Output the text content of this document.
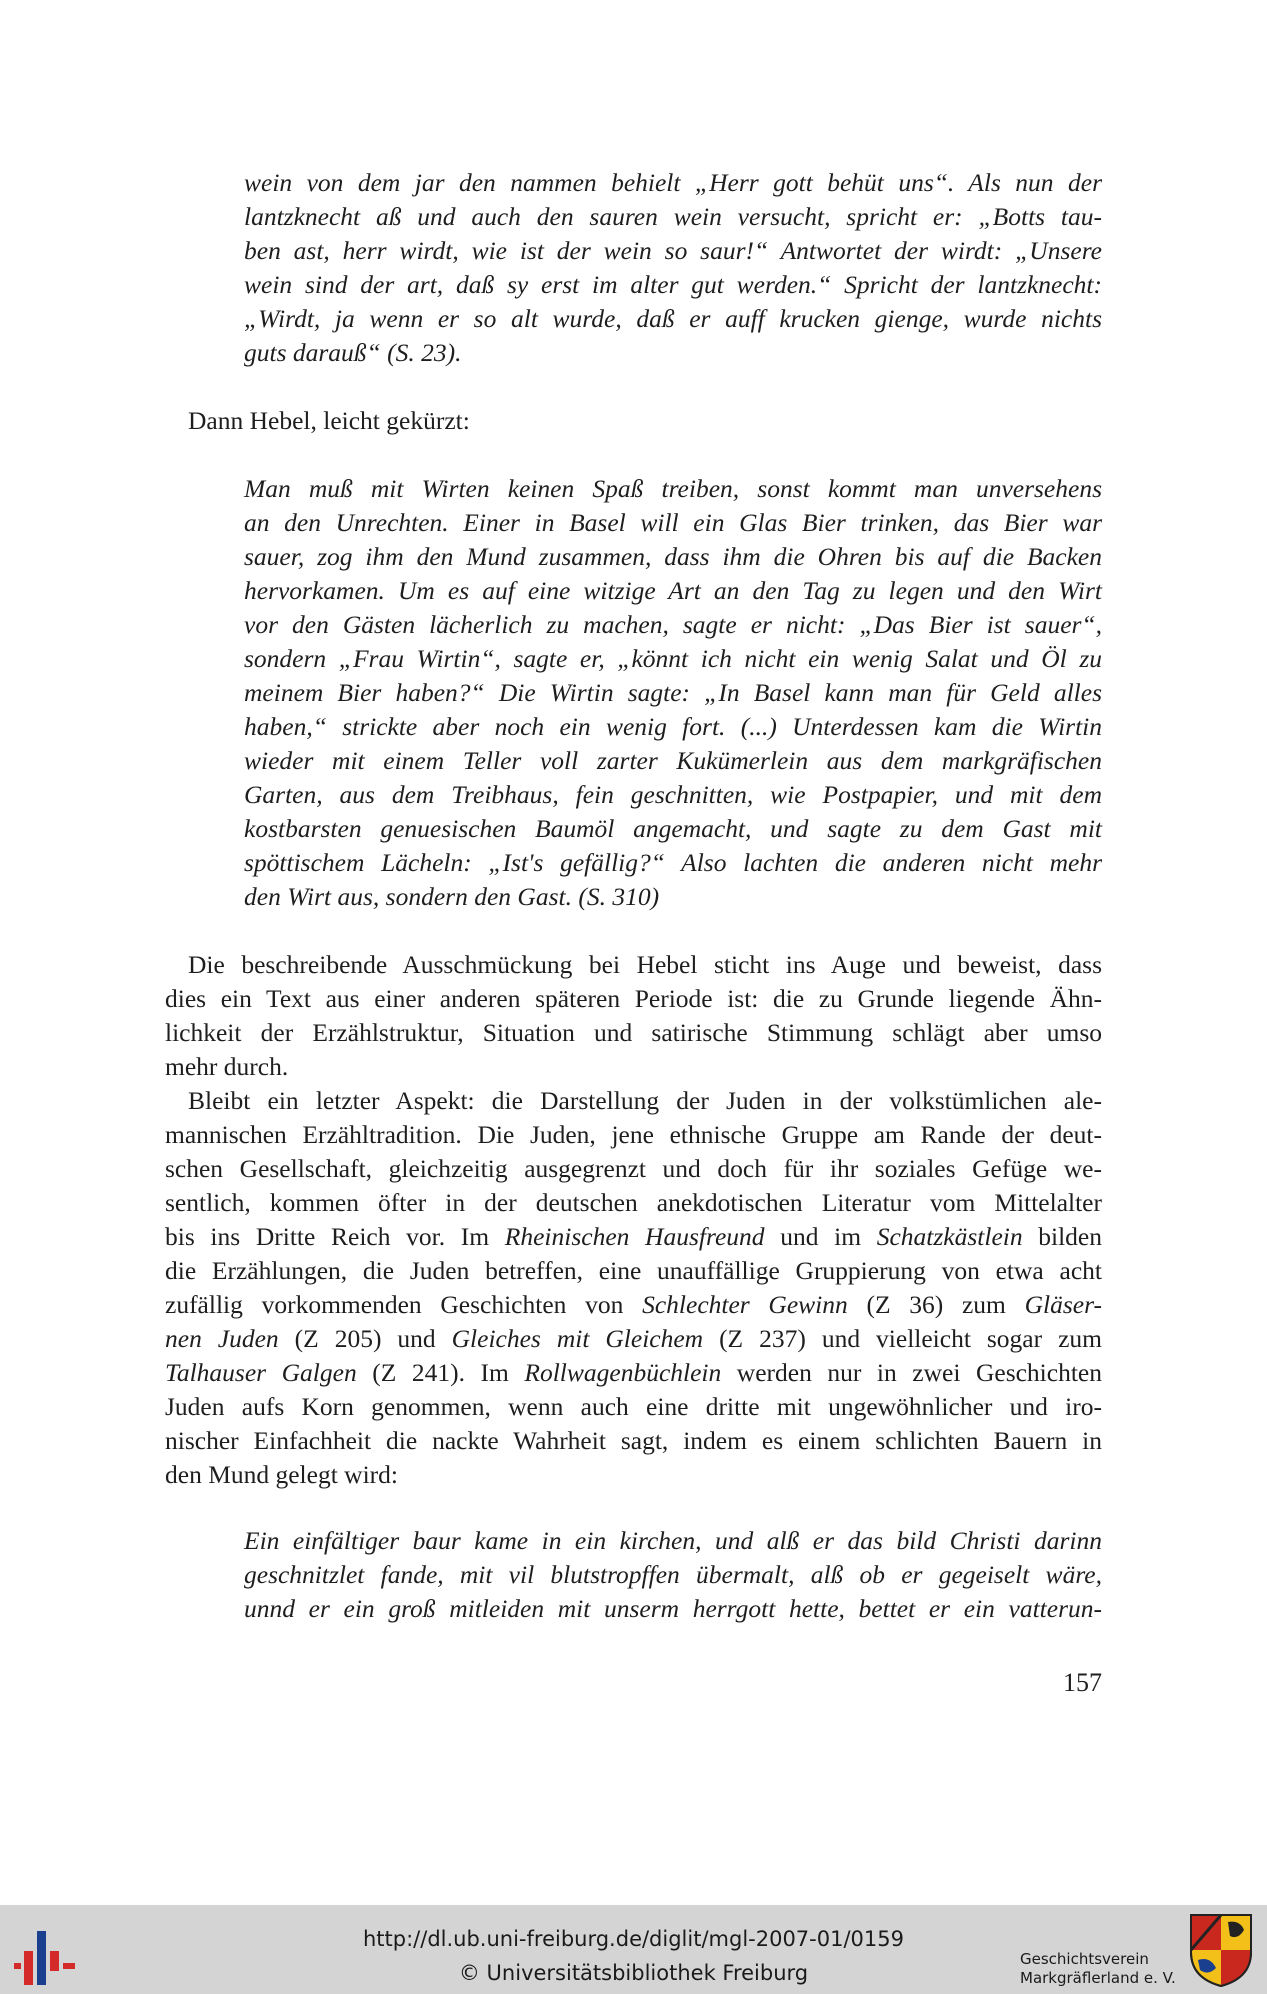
wein von dem jar den nammen behielt „Herr gott behüt uns“. Als nun der
lantzknecht aß und auch den sauren wein versucht, spricht er: „Botts tau-
ben ast, herr wirdt, wie ist der wein so saur!“ Antwortet der wirdt: „Unsere
wein sind der art, daß sy erst im alter gut werden.“ Spricht der lantzknecht:
„Wirdt, ja wenn er so alt wurde, daß er auff krucken gienge, wurde nichts
guts darauß“ (S. 23).
Dann Hebel, leicht gekürzt:
Man muß mit Wirten keinen Spaß treiben, sonst kommt man unversehens
an den Unrechten. Einer in Basel will ein Glas Bier trinken, das Bier war
sauer, zog ihm den Mund zusammen, dass ihm die Ohren bis auf die Backen
hervorkamen. Um es auf eine witzige Art an den Tag zu legen und den Wirt
vor den Gästen lächerlich zu machen, sagte er nicht: „Das Bier ist sauer“,
sondern „Frau Wirtin“, sagte er, „könnt ich nicht ein wenig Salat und Öl zu
meinem Bier haben?“ Die Wirtin sagte: „In Basel kann man für Geld alles
haben,“ strickte aber noch ein wenig fort. (...) Unterdessen kam die Wirtin
wieder mit einem Teller voll zarter Kukümerlein aus dem markgräfischen
Garten, aus dem Treibhaus, fein geschnitten, wie Postpapier, und mit dem
kostbarsten genuesischen Baumöl angemacht, und sagte zu dem Gast mit
spöttischem Lächeln: „Ist's gefällig?“ Also lachten die anderen nicht mehr
den Wirt aus, sondern den Gast. (S. 310)
Die beschreibende Ausschmückung bei Hebel sticht ins Auge und beweist, dass
dies ein Text aus einer anderen späteren Periode ist: die zu Grunde liegende Ähn-
lichkeit der Erzählstruktur, Situation und satirische Stimmung schlägt aber umso
mehr durch.
Bleibt ein letzter Aspekt: die Darstellung der Juden in der volkstümlichen ale-
mannischen Erzähltradition. Die Juden, jene ethnische Gruppe am Rande der deut-
schen Gesellschaft, gleichzeitig ausgegrenzt und doch für ihr soziales Gefüge we-
sentlich, kommen öfter in der deutschen anekdotischen Literatur vom Mittelalter
bis ins Dritte Reich vor. Im Rheinischen Hausfreund und im Schatzkästlein bilden
die Erzählungen, die Juden betreffen, eine unauffällige Gruppierung von etwa acht
zufällig vorkommenden Geschichten von Schlechter Gewinn (Z 36) zum Gläser-
nen Juden (Z 205) und Gleiches mit Gleichem (Z 237) und vielleicht sogar zum
Talhauser Galgen (Z 241). Im Rollwagenbüchlein werden nur in zwei Geschichten
Juden aufs Korn genommen, wenn auch eine dritte mit ungewöhnlicher und iro-
nischer Einfachheit die nackte Wahrheit sagt, indem es einem schlichten Bauern in
den Mund gelegt wird:
Ein einfältiger baur kame in ein kirchen, und alß er das bild Christi darinn
geschnitzlet fande, mit vil blutstropffen übermalt, alß ob er gegeiselt wäre,
unnd er ein groß mitleiden mit unserm herrgott hette, bettet er ein vatterun-
157
http://dl.ub.uni-freiburg.de/diglit/mgl-2007-01/0159
© Universitätsbibliothek Freiburg
Geschichtsverein
Markgräflerland e. V.
